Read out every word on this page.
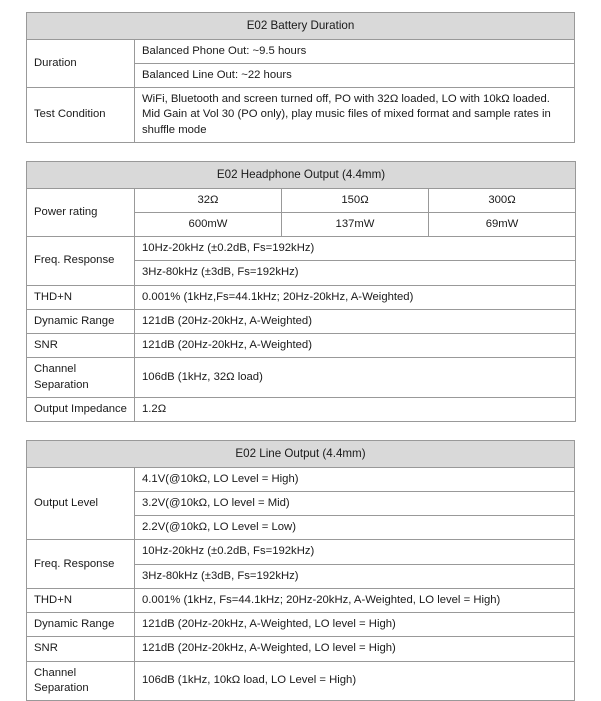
E02 Battery Duration	
Duration	Balanced Phone Out: ~9.5 hours
	Balanced Line Out: ~22 hours
Test Condition	WiFi, Bluetooth and screen turned off, PO with 32Ω loaded, LO with 10kΩ loaded. Mid Gain at Vol 30 (PO only), play music files of mixed format and sample rates in shuffle mode
E02 Headphone Output (4.4mm)			
Power rating	32Ω	150Ω	300Ω
	600mW	137mW	69mW
Freq. Response	10Hz-20kHz (±0.2dB, Fs=192kHz)		
	3Hz-80kHz (±3dB, Fs=192kHz)		
THD+N	0.001% (1kHz,Fs=44.1kHz; 20Hz-20kHz, A-Weighted)		
Dynamic Range	121dB (20Hz-20kHz, A-Weighted)		
SNR	121dB (20Hz-20kHz, A-Weighted)		
Channel Separation	106dB (1kHz, 32Ω load)		
Output Impedance	1.2Ω		
E02 Line Output (4.4mm)	
Output Level	4.1V(@10kΩ, LO Level = High)
	3.2V(@10kΩ, LO level = Mid)
	2.2V(@10kΩ, LO Level = Low)
Freq. Response	10Hz-20kHz (±0.2dB, Fs=192kHz)
	3Hz-80kHz (±3dB, Fs=192kHz)
THD+N	0.001% (1kHz, Fs=44.1kHz; 20Hz-20kHz, A-Weighted, LO level = High)
Dynamic Range	121dB (20Hz-20kHz, A-Weighted, LO level = High)
SNR	121dB (20Hz-20kHz, A-Weighted, LO level = High)
Channel Separation	106dB (1kHz, 10kΩ load, LO Level = High)
